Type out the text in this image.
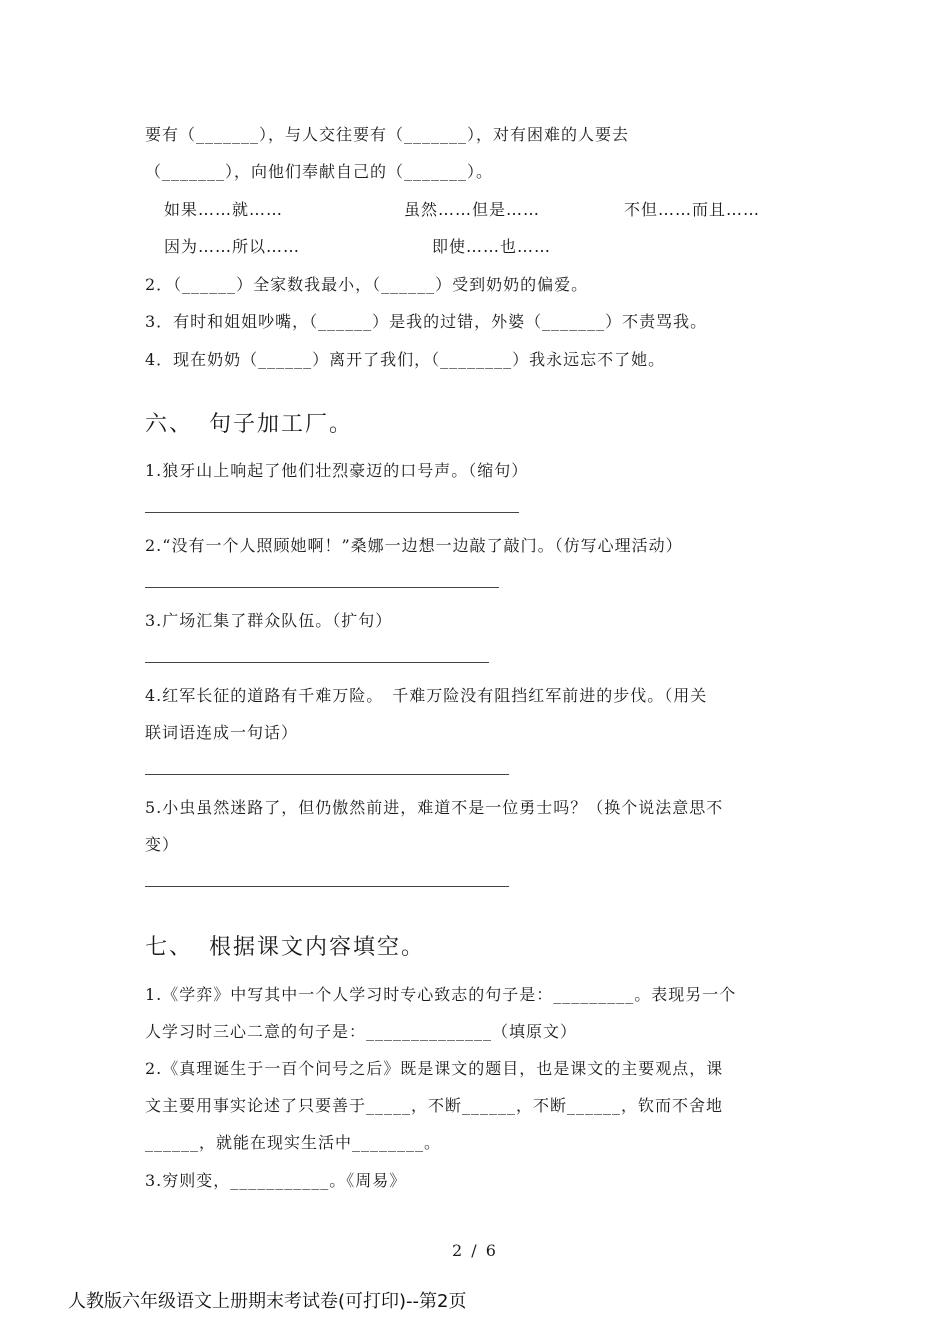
要有（_______），与人交往要有（_______），对有困难的人要去
（_______），向他们奉献自己的（_______）。
如果……就……	虽然……但是……	不但……而且……
因为……所以……	即使……也……
2．（______）全家数我最小，（______）受到奶奶的偏爱。
3．有时和姐姐吵嘴，（______）是我的过错，外婆（_______）不责骂我。
4．现在奶奶（______）离开了我们，（________）我永远忘不了她。
六、 句子加工厂。
1.狼牙山上响起了他们壮烈豪迈的口号声。（缩句）
2.“没有一个人照顾她啊！”桑娜一边想一边敲了敲门。（仿写心理活动）
3.广场汇集了群众队伍。（扩句）
4.红军长征的道路有千难万险。　千难万险没有阻挡红军前进的步伐。（用关
联词语连成一句话）
5.小虫虽然迷路了，但仍傲然前进，难道不是一位勇士吗？（换个说法意思不
变）
七、 根据课文内容填空。
1.《学弈》中写其中一个人学习时专心致志的句子是：_________。表现另一个
人学习时三心二意的句子是：______________（填原文）
2.《真理诞生于一百个问号之后》既是课文的题目，也是课文的主要观点，课
文主要用事实论述了只要善于_____，不断______，不断______，钦而不舍地
______，就能在现实生活中________。
3.穷则变，___________。《周易》
2 / 6
人教版六年级语文上册期末考试卷(可打印)--第2页
